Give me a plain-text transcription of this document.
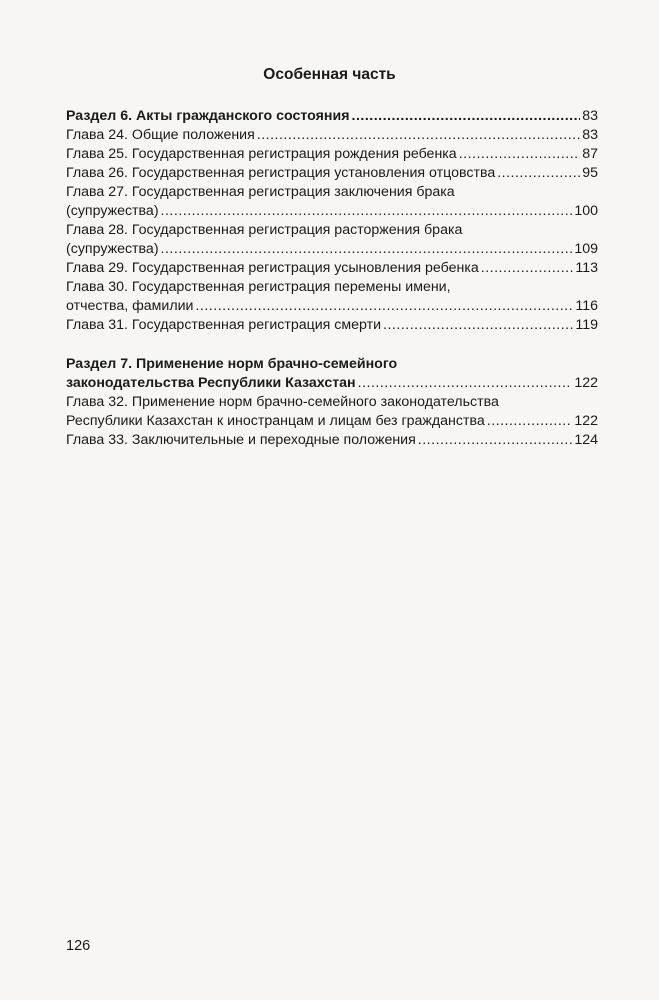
Особенная часть
Раздел 6. Акты гражданского состояния .....	83
Глава 24. Общие положения .....	83
Глава 25. Государственная регистрация рождения ребенка .....	87
Глава 26. Государственная регистрация установления отцовства .....	95
Глава 27. Государственная регистрация заключения брака
(супружества) .....	100
Глава 28. Государственная регистрация расторжения брака
(супружества) .....	109
Глава 29. Государственная регистрация усыновления ребенка .....	113
Глава 30. Государственная регистрация перемены имени,
отчества, фамилии .....	116
Глава 31. Государственная регистрация смерти .....	119
Раздел 7. Применение норм брачно-семейного
законодательства Республики Казахстан .....	122
Глава 32. Применение норм брачно-семейного законодательства
Республики Казахстан к иностранцам и лицам без гражданства .....	122
Глава 33. Заключительные и переходные положения .....	124
126
